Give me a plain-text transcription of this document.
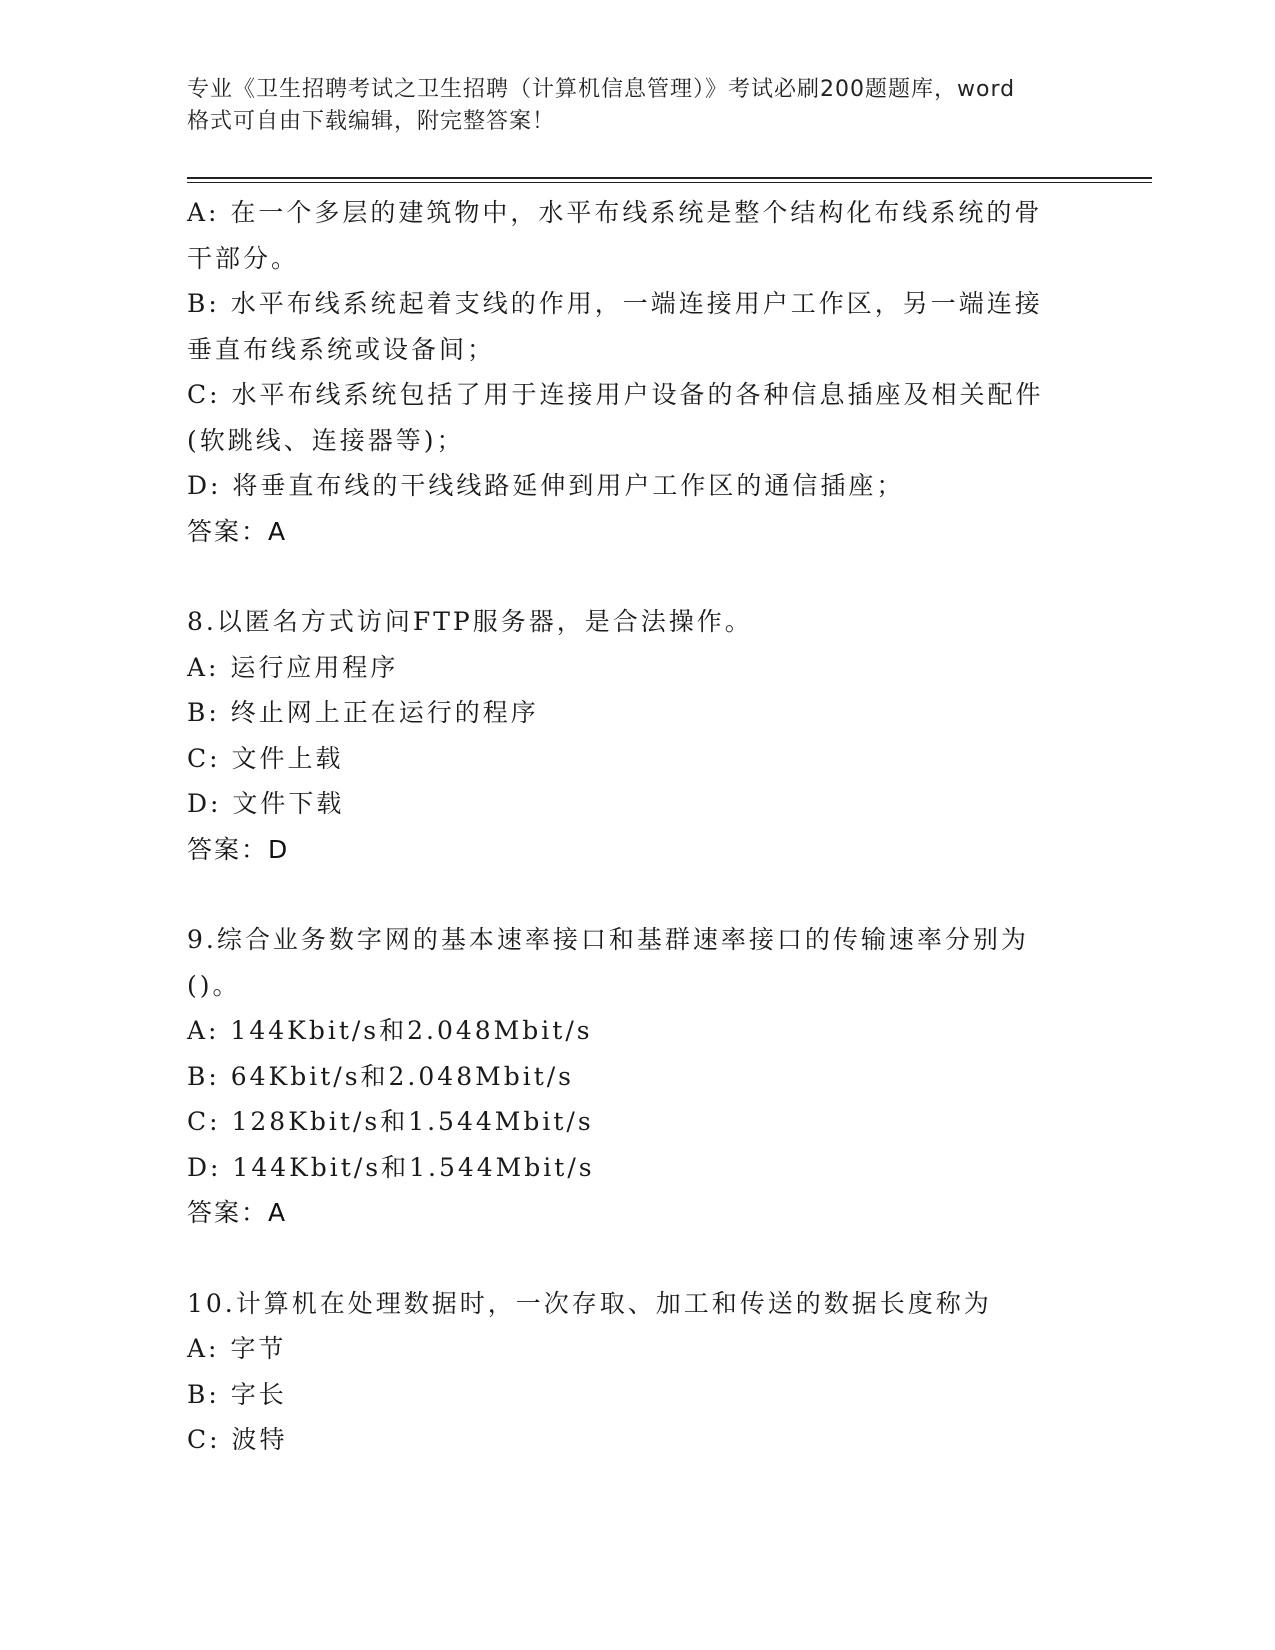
专业《卫生招聘考试之卫生招聘（计算机信息管理）》考试必刷200题题库，word
格式可自由下载编辑，附完整答案！
A: 在一个多层的建筑物中，水平布线系统是整个结构化布线系统的骨
干部分。
B: 水平布线系统起着支线的作用，一端连接用户工作区，另一端连接
垂直布线系统或设备间；
C: 水平布线系统包括了用于连接用户设备的各种信息插座及相关配件
(软跳线、连接器等)；
D: 将垂直布线的干线线路延伸到用户工作区的通信插座；
答案：A
8.以匿名方式访问FTP服务器，是合法操作。
A: 运行应用程序
B: 终止网上正在运行的程序
C: 文件上载
D: 文件下载
答案：D
9.综合业务数字网的基本速率接口和基群速率接口的传输速率分别为
()。
A: 144Kbit/s和2.048Mbit/s
B: 64Kbit/s和2.048Mbit/s
C: 128Kbit/s和1.544Mbit/s
D: 144Kbit/s和1.544Mbit/s
答案：A
10.计算机在处理数据时，一次存取、加工和传送的数据长度称为
A: 字节
B: 字长
C: 波特
